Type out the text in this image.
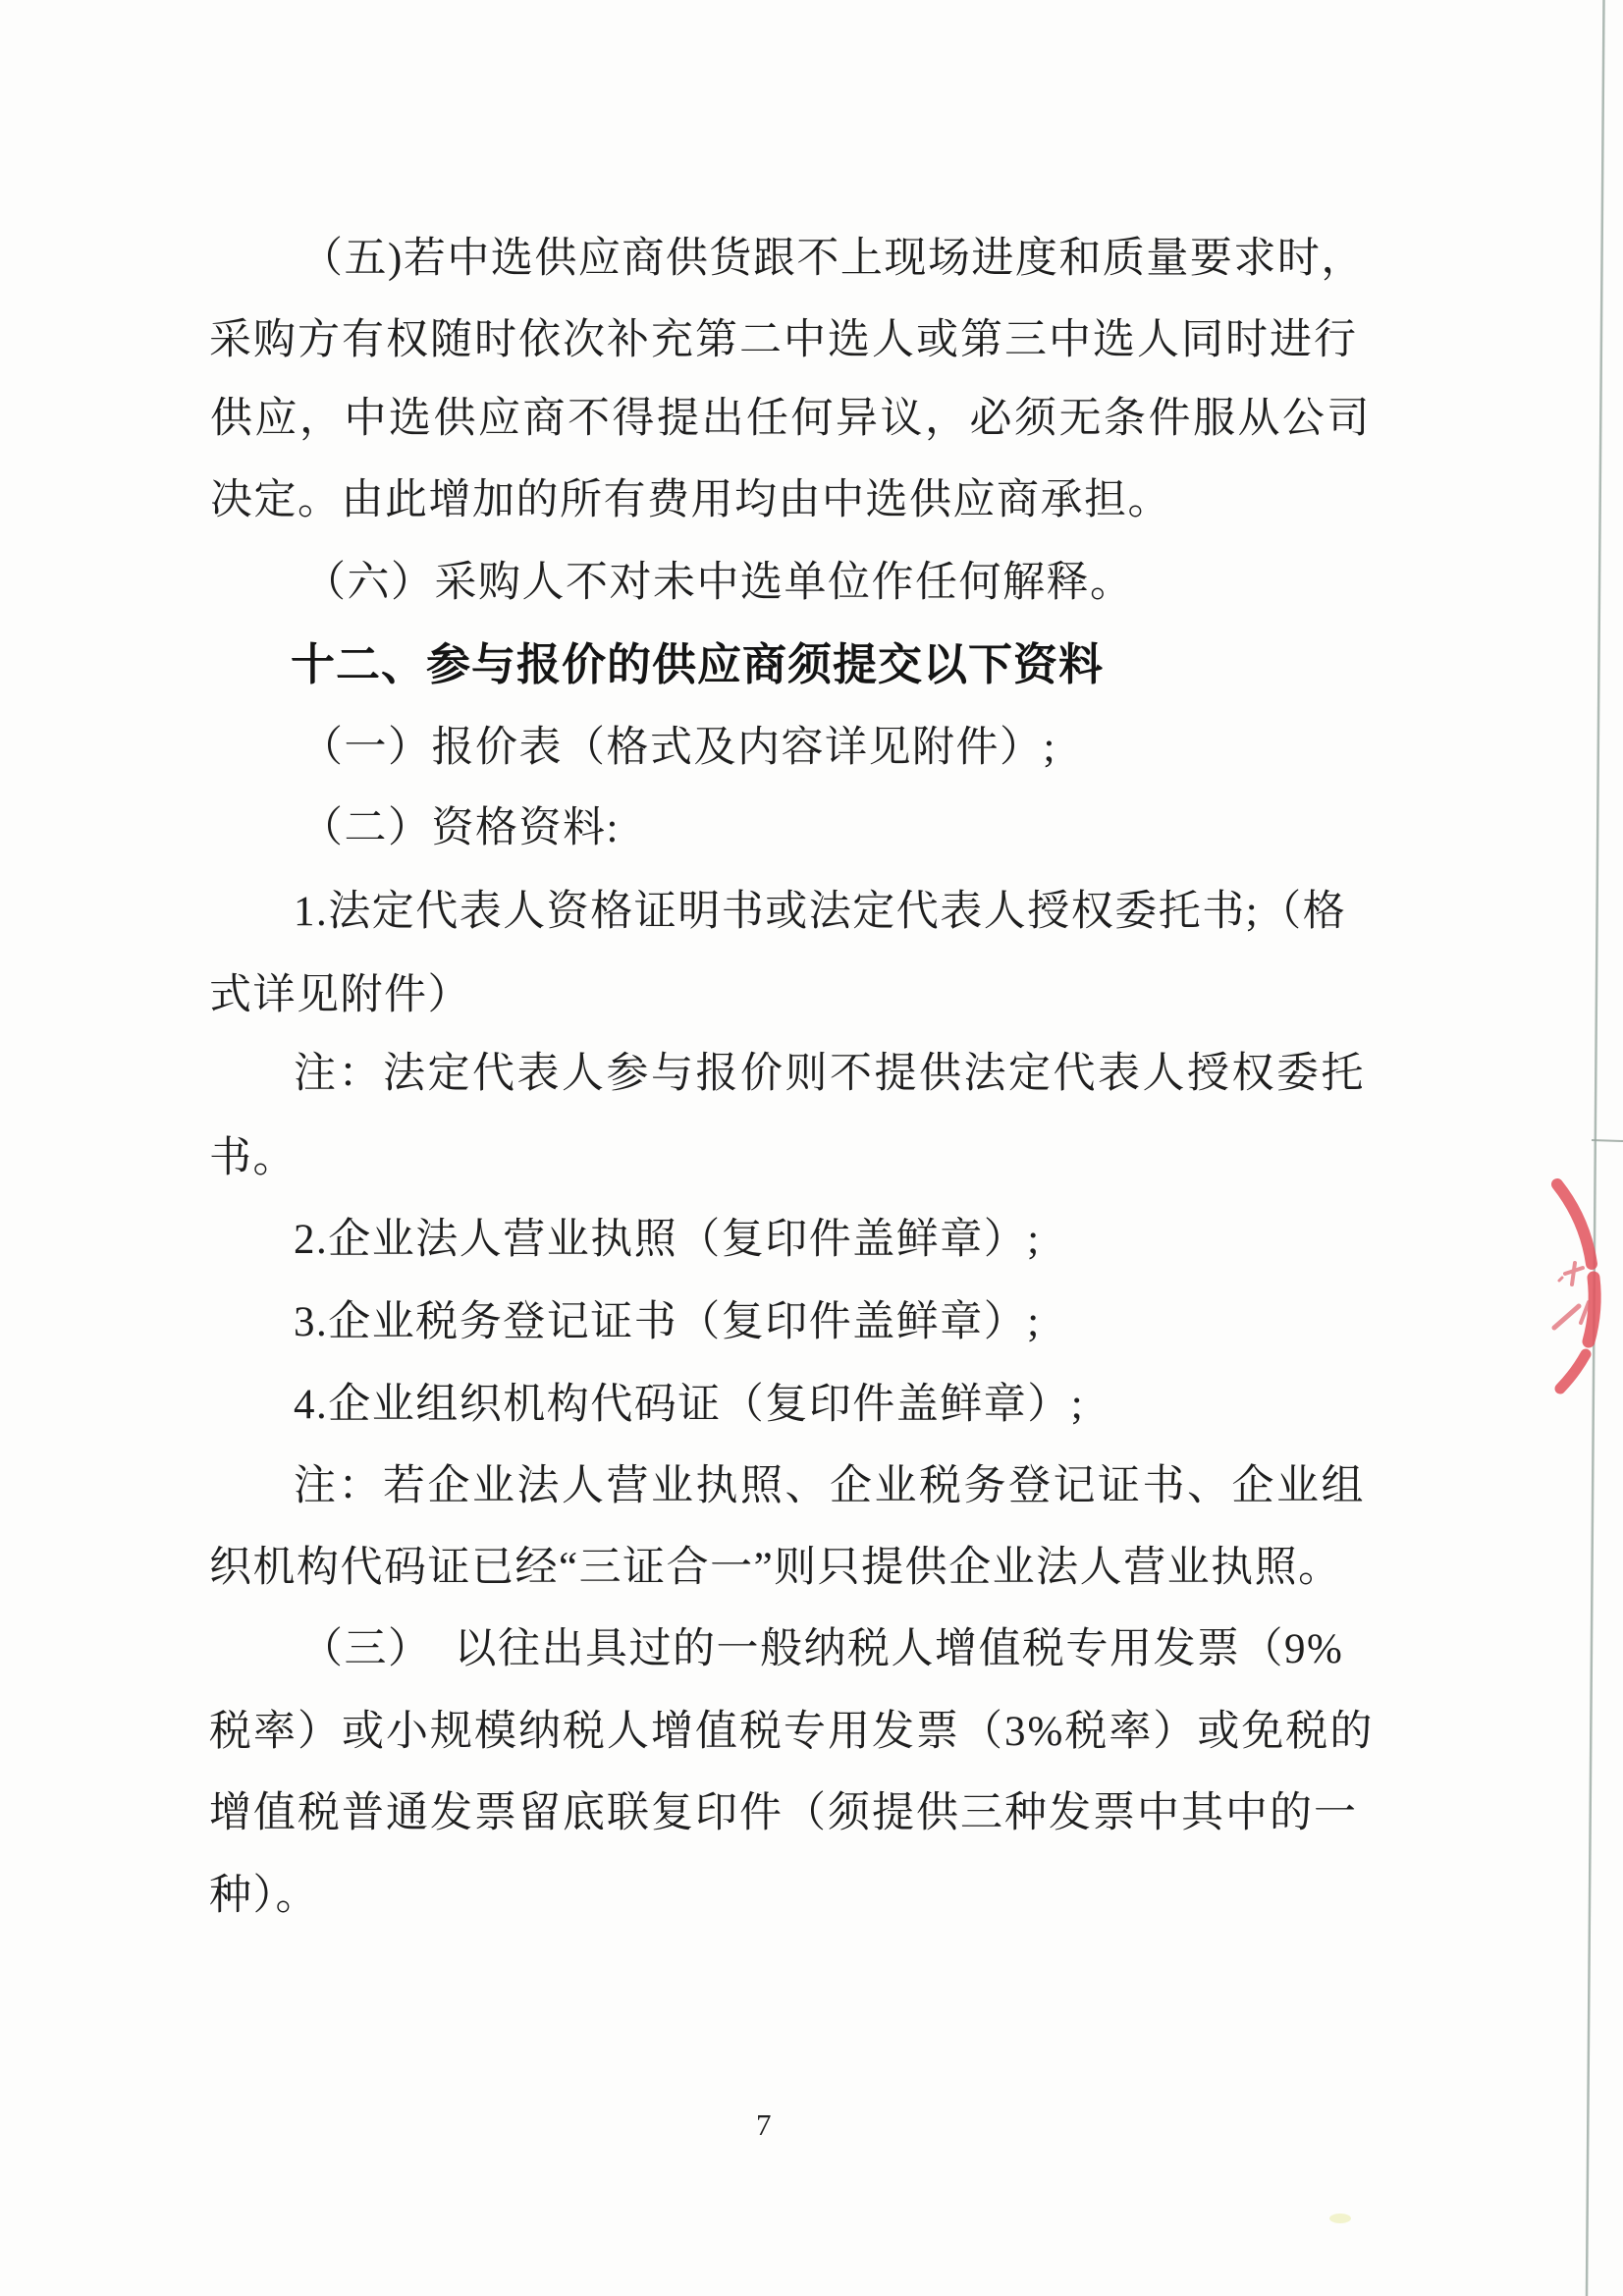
（五)若中选供应商供货跟不上现场进度和质量要求时，
采购方有权随时依次补充第二中选人或第三中选人同时进行
供应，中选供应商不得提出任何异议，必须无条件服从公司
决定。由此增加的所有费用均由中选供应商承担。
（六）采购人不对未中选单位作任何解释。
十二、参与报价的供应商须提交以下资料
（一）报价表（格式及内容详见附件）;
（二）资格资料:
1.法定代表人资格证明书或法定代表人授权委托书;（格
式详见附件）
注：法定代表人参与报价则不提供法定代表人授权委托
书。
2.企业法人营业执照（复印件盖鲜章）;
3.企业税务登记证书（复印件盖鲜章）;
4.企业组织机构代码证（复印件盖鲜章）;
注：若企业法人营业执照、企业税务登记证书、企业组
织机构代码证已经“三证合一”则只提供企业法人营业执照。
（三）　以往出具过的一般纳税人增值税专用发票（9%
税率）或小规模纳税人增值税专用发票（3%税率）或免税的
增值税普通发票留底联复印件（须提供三种发票中其中的一
种）。
7
